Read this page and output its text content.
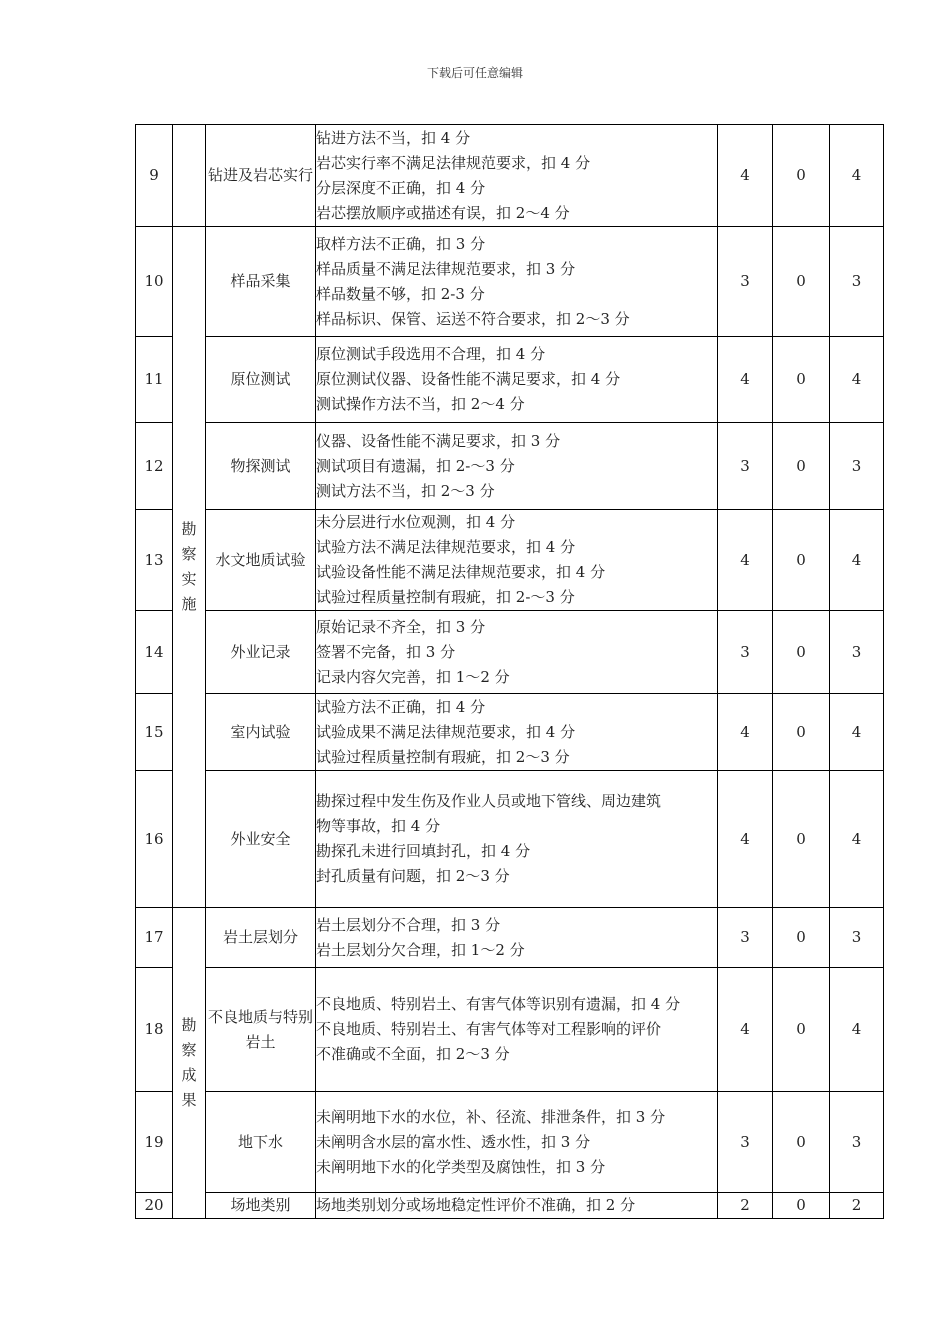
下载后可任意编辑
9		钻进及岩芯实行	钻进方法不当，扣 4 分
岩芯实行率不满足法律规范要求，扣 4 分
分层深度不正确，扣 4 分
岩芯摆放顺序或描述有误，扣 2～4 分	4	0	4
10	勘察实施	样品采集	取样方法不正确，扣 3 分
样品质量不满足法律规范要求，扣 3 分
样品数量不够，扣 2-3 分
样品标识、保管、运送不符合要求，扣 2～3 分	3	0	3
11		原位测试	原位测试手段选用不合理，扣 4 分
原位测试仪器、设备性能不满足要求，扣 4 分
测试操作方法不当，扣 2～4 分	4	0	4
12		物探测试	仪器、设备性能不满足要求，扣 3 分
测试项目有遗漏，扣 2-～3 分
测试方法不当，扣 2～3 分	3	0	3
13		水文地质试验	未分层进行水位观测，扣 4 分
试验方法不满足法律规范要求，扣 4 分
试验设备性能不满足法律规范要求，扣 4 分
试验过程质量控制有瑕疵，扣 2-～3 分	4	0	4
14		外业记录	原始记录不齐全，扣 3 分
签署不完备，扣 3 分
记录内容欠完善，扣 1～2 分	3	0	3
15		室内试验	试验方法不正确，扣 4 分
试验成果不满足法律规范要求，扣 4 分
试验过程质量控制有瑕疵，扣 2～3 分	4	0	4
16		外业安全	勘探过程中发生伤及作业人员或地下管线、周边建筑
物等事故，扣 4 分
勘探孔未进行回填封孔，扣 4 分
封孔质量有问题，扣 2～3 分	4	0	4
17	勘察成果	岩土层划分	岩土层划分不合理，扣 3 分
岩土层划分欠合理，扣 1～2 分	3	0	3
18		不良地质与特别岩土	不良地质、特别岩土、有害气体等识别有遗漏，扣 4 分
不良地质、特别岩土、有害气体等对工程影响的评价
不准确或不全面，扣 2～3 分	4	0	4
19		地下水	未阐明地下水的水位，补、径流、排泄条件，扣 3 分
未阐明含水层的富水性、透水性，扣 3 分
未阐明地下水的化学类型及腐蚀性，扣 3 分	3	0	3
20		场地类别	场地类别划分或场地稳定性评价不准确，扣 2 分	2	0	2
